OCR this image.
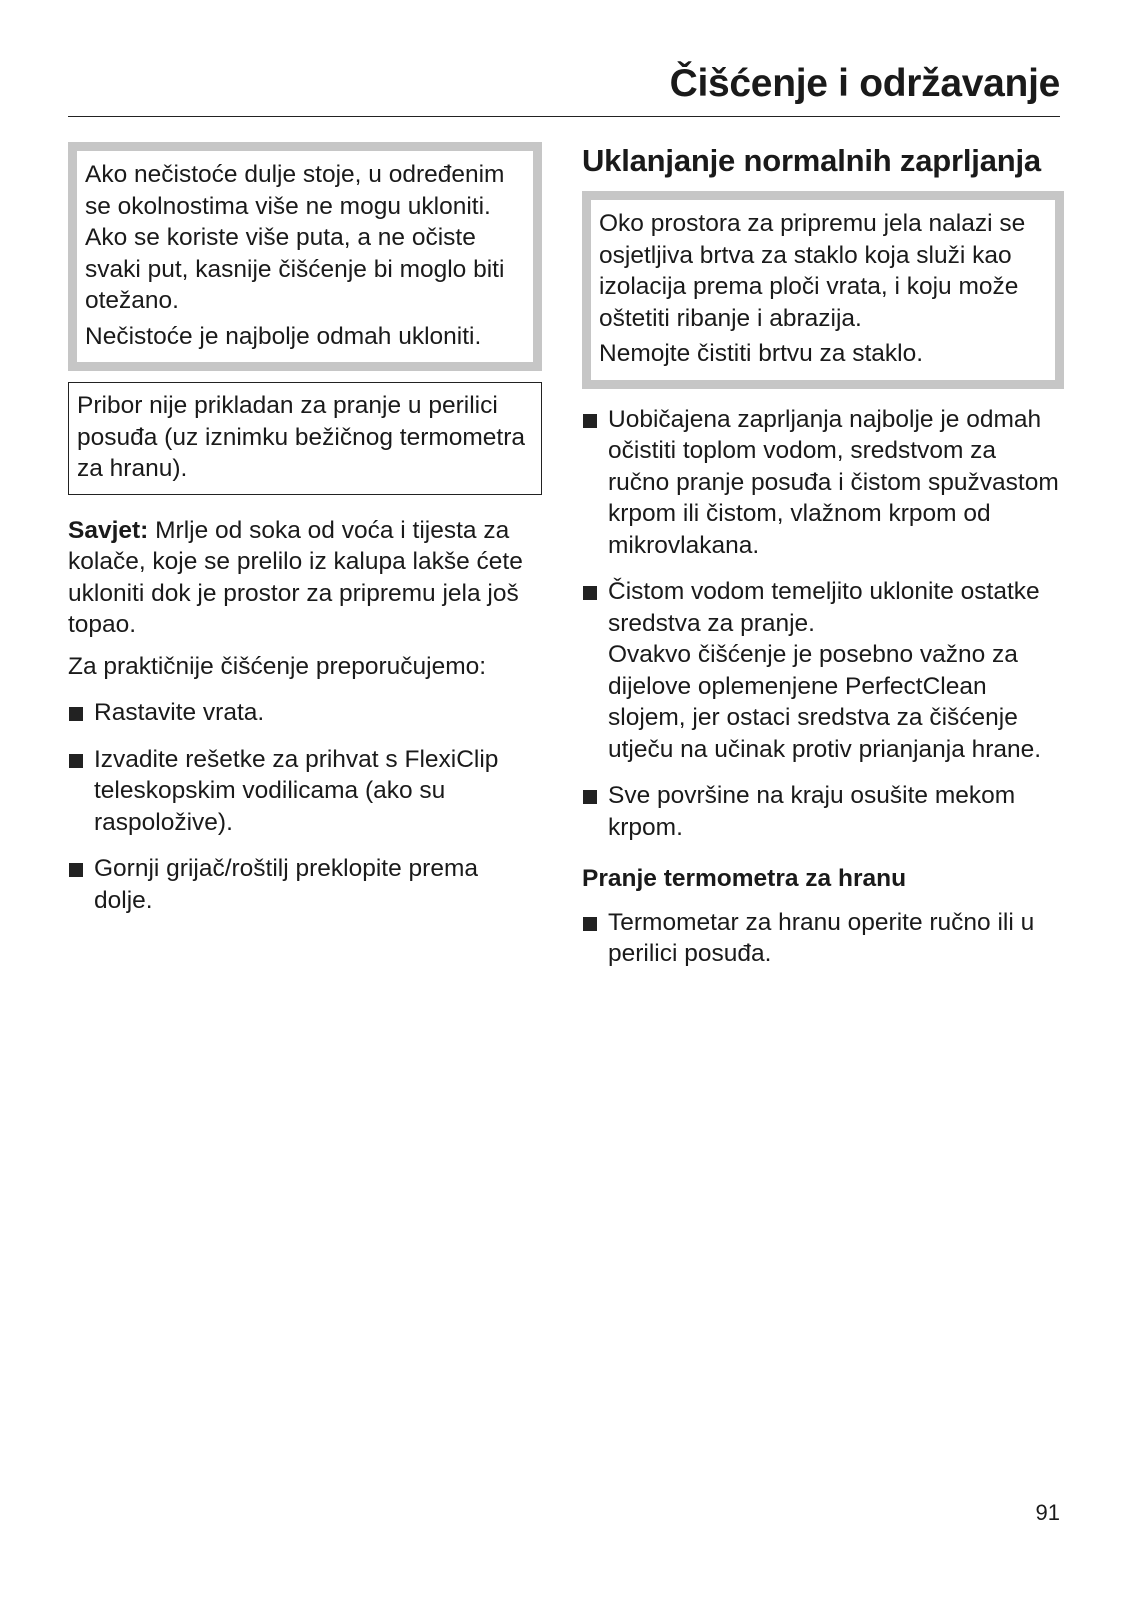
Čišćenje i održavanje

Ako nečistoće dulje stoje, u određenim se okolnostima više ne mogu ukloniti. Ako se koriste više puta, a ne očiste svaki put, kasnije čišćenje bi moglo biti otežano.

Nečistoće je najbolje odmah ukloniti.

Pribor nije prikladan za pranje u perilici posuđa (uz iznimku bežičnog termometra za hranu).

Savjet: Mrlje od soka od voća i tijesta za kolače, koje se prelilo iz kalupa lakše ćete ukloniti dok je prostor za pripremu jela još topao.

Za praktičnije čišćenje preporučujemo:

Rastavite vrata.
Izvadite rešetke za prihvat s FlexiClip teleskopskim vodilicama (ako su raspoložive).
Gornji grijač/roštilj preklopite prema dolje.
Uklanjanje normalnih zaprljanja

Oko prostora za pripremu jela nalazi se osjetljiva brtva za staklo koja služi kao izolacija prema ploči vrata, i koju može oštetiti ribanje i abrazija.

Nemojte čistiti brtvu za staklo.

Uobičajena zaprljanja najbolje je odmah očistiti toplom vodom, sredstvom za ručno pranje posuđa i čistom spužvastom krpom ili čistom, vlažnom krpom od mikrovlakana.
Čistom vodom temeljito uklonite ostatke sredstva za pranje.
Ovakvo čišćenje je posebno važno za dijelove oplemenjene PerfectClean slojem, jer ostaci sredstva za čišćenje utječu na učinak protiv prianjanja hrane.
Sve površine na kraju osušite mekom krpom.

Pranje termometra za hranu

Termometar za hranu operite ručno ili u perilici posuđa.
91
